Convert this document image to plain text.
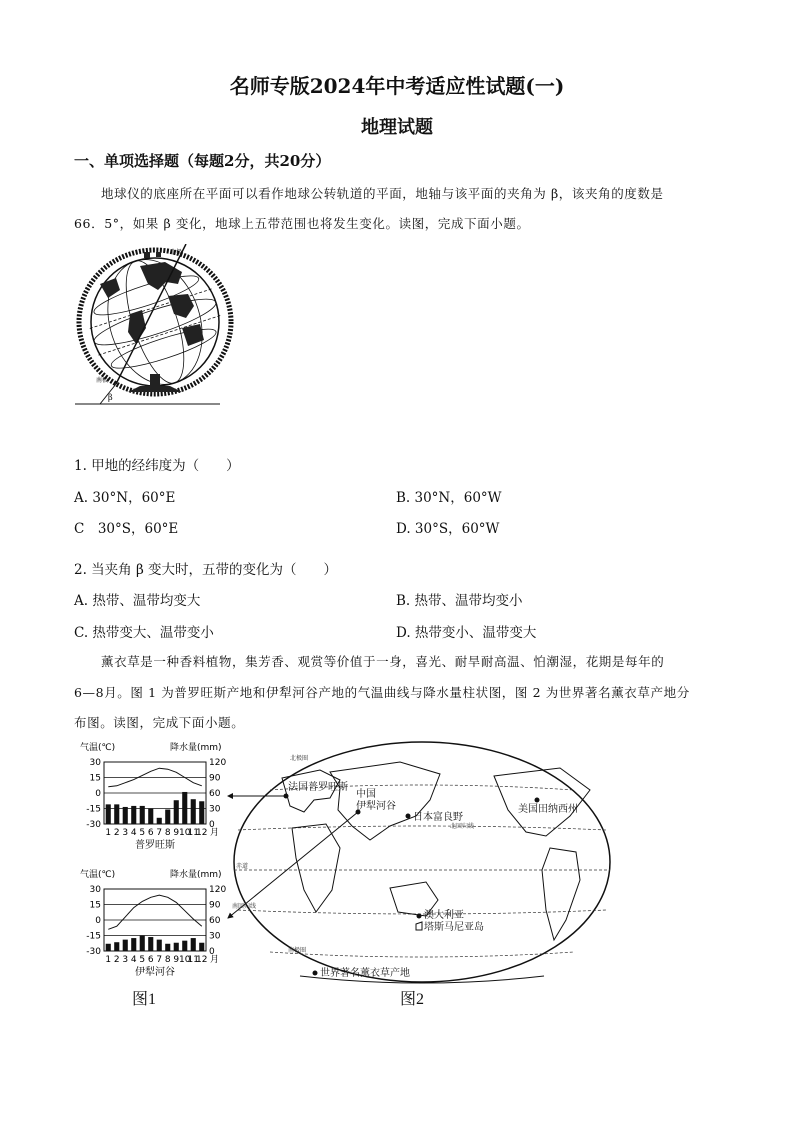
名师专版2024年中考适应性试题(一)
地理试题
一、单项选择题（每题2分，共20分）
地球仪的底座所在平面可以看作地球公转轨道的平面，地轴与该平面的夹角为 β，该夹角的度数是
66．5°，如果 β 变化，地球上五带范围也将发生变化。读图，完成下面小题。
北极
南极
β
1. 甲地的经纬度为（　　）
A. 30°N，60°E	B. 30°N，60°W
C　30°S，60°E	D. 30°S，60°W
2. 当夹角 β 变大时，五带的变化为（　　）
A. 热带、温带均变大	B. 热带、温带均变小
C. 热带变大、温带变小	D. 热带变小、温带变大
薰衣草是一种香料植物，集芳香、观赏等价值于一身，喜光、耐旱耐高温、怕潮湿，花期是每年的
6—8月。图 1 为普罗旺斯产地和伊犁河谷产地的气温曲线与降水量柱状图，图 2 为世界著名薰衣草产地分
布图。读图，完成下面小题。
气温(℃)	降水量(mm)
30	120
15	90
0	60
-15	30
-30	0
1 2 3 4 5 6 7 8 9 10
11
12 月
普罗旺斯
气温(℃)	降水量(mm)
30	120
15	90
0	60
-15	30
-30	0
1 2 3 4 5 6 7 8 9 10
11
12 月
伊犁河谷
法国普罗旺斯
中国
伊犁河谷
日本富良野
美国田纳西州
澳大利亚
塔斯马尼亚岛
世界著名薰衣草产地
北极圈
北回归线
赤道
南回归线
南极圈
图1	图2
